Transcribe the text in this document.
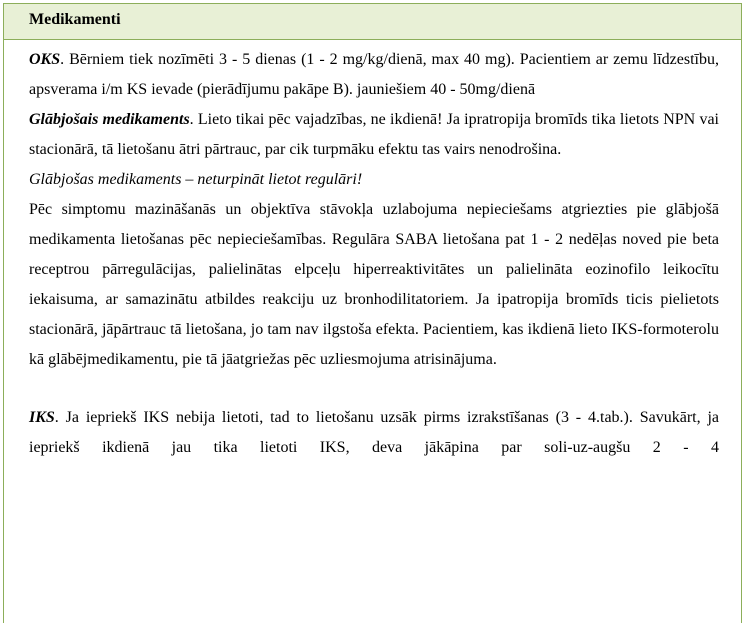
Medikamenti

OKS. Bērniem tiek nozīmēti 3 - 5 dienas (1 - 2 mg/kg/dienā, max 40 mg). Pacientiem ar zemu līdzestību, apsverama i/m KS ievade (pierādījumu pakāpe B). jauniešiem 40 - 50mg/dienā

Glābjošais medikaments. Lieto tikai pēc vajadzības, ne ikdienā! Ja ipratropija bromīds tika lietots NPN vai stacionārā, tā lietošanu ātri pārtrauc, par cik turpmāku efektu tas vairs nenodrošina.

Glābjošas medikaments – neturpināt lietot regulāri!

Pēc simptomu mazināšanās un objektīva stāvokļa uzlabojuma nepieciešams atgriezties pie glābjošā medikamenta lietošanas pēc nepieciešamības. Regulāra SABA lietošana pat 1 - 2 nedēļas noved pie beta receptrou pārregulācijas, palielinātas elpceļu hiperreaktivitātes un palielināta eozinofilo leikocītu iekaisuma, ar samazinātu atbildes reakciju uz bronhodilitatoriem. Ja ipatropija bromīds ticis pielietots stacionārā, jāpārtrauc tā lietošana, jo tam nav ilgstoša efekta. Pacientiem, kas ikdienā lieto IKS-formoterolu kā glābējmedikamentu, pie tā jāatgriežas pēc uzliesmojuma atrisinājuma.

IKS. Ja iepriekš IKS nebija lietoti, tad to lietošanu uzsāk pirms izrakstīšanas (3 - 4.tab.). Savukārt, ja iepriekš ikdienā jau tika lietoti IKS, deva jākāpina par soli-uz-augšu 2 - 4
